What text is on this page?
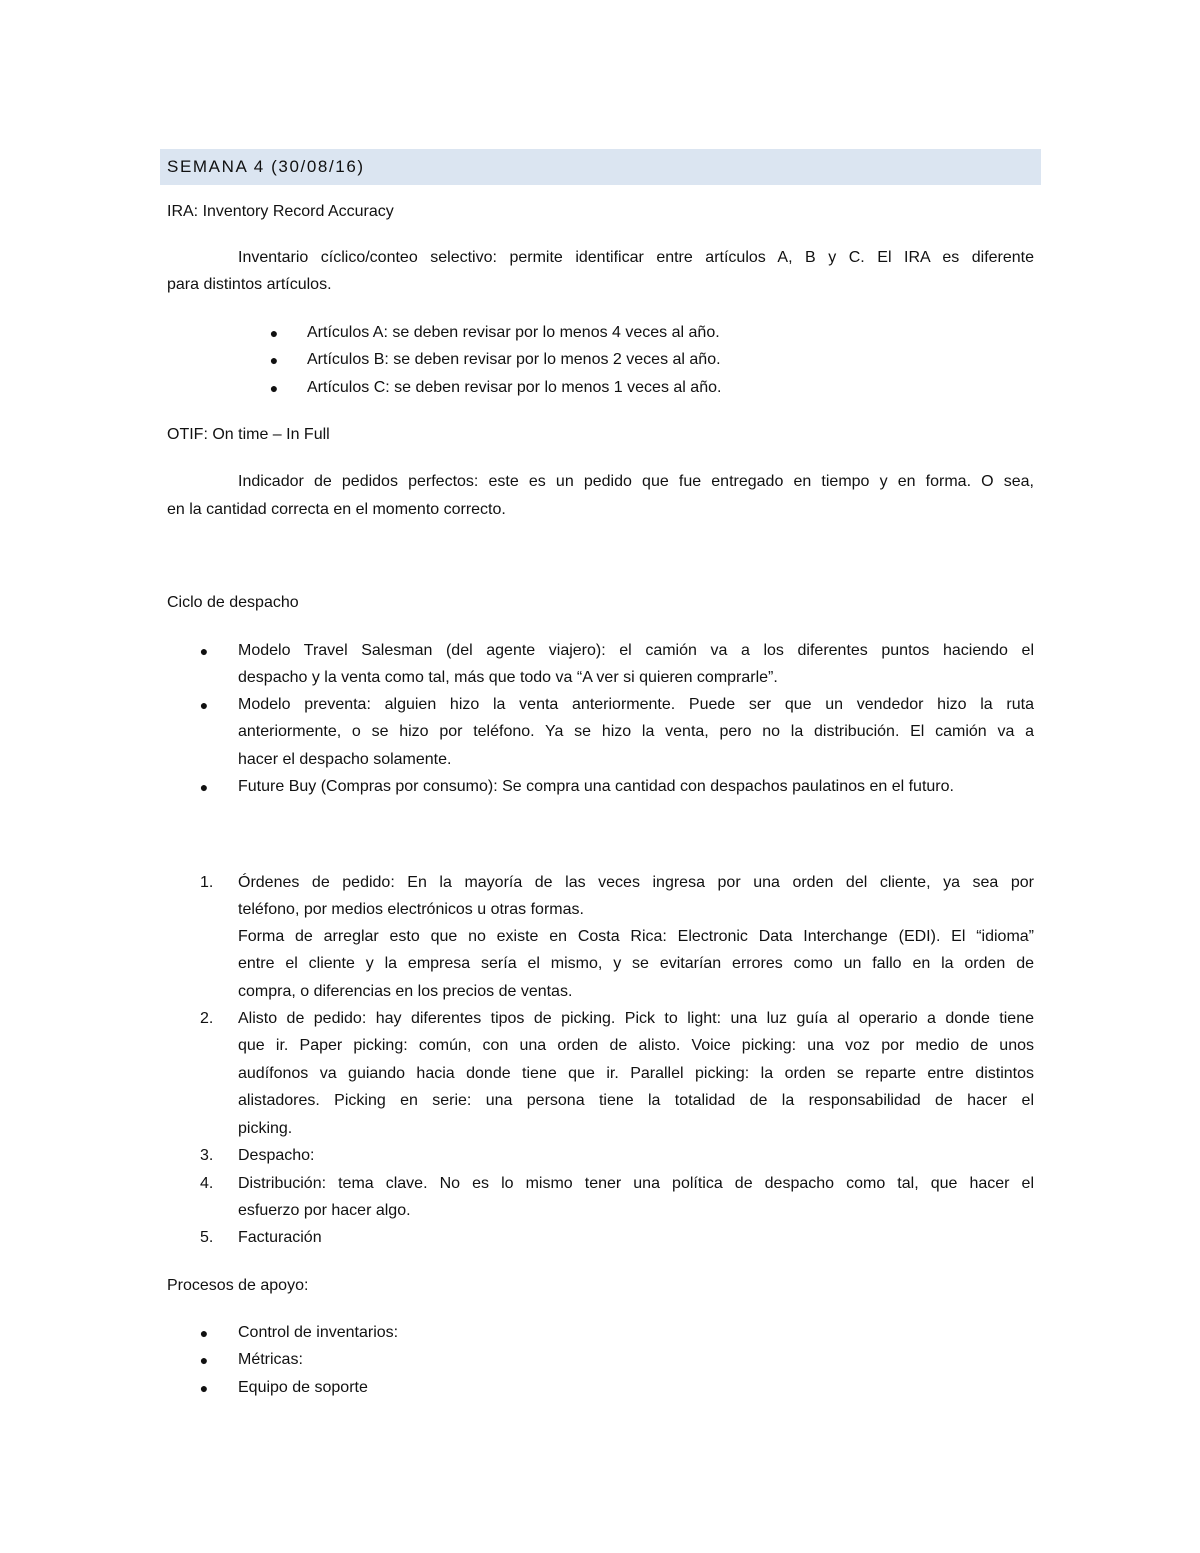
SEMANA 4 (30/08/16)
IRA: Inventory Record Accuracy
Inventario cíclico/conteo selectivo: permite identificar entre artículos A, B y C. El IRA es diferente
para distintos artículos.
● Artículos A: se deben revisar por lo menos 4 veces al año.
● Artículos B: se deben revisar por lo menos 2 veces al año.
● Artículos C: se deben revisar por lo menos 1 veces al año.
OTIF: On time – In Full
Indicador de pedidos perfectos: este es un pedido que fue entregado en tiempo y en forma. O sea,
en la cantidad correcta en el momento correcto.
Ciclo de despacho
● Modelo Travel Salesman (del agente viajero): el camión va a los diferentes puntos haciendo el
despacho y la venta como tal, más que todo va “A ver si quieren comprarle”.
● Modelo preventa: alguien hizo la venta anteriormente. Puede ser que un vendedor hizo la ruta
anteriormente, o se hizo por teléfono. Ya se hizo la venta, pero no la distribución. El camión va a
hacer el despacho solamente.
● Future Buy (Compras por consumo): Se compra una cantidad con despachos paulatinos en el futuro.
1. Órdenes de pedido: En la mayoría de las veces ingresa por una orden del cliente, ya sea por
teléfono, por medios electrónicos u otras formas.
Forma de arreglar esto que no existe en Costa Rica: Electronic Data Interchange (EDI). El “idioma”
entre el cliente y la empresa sería el mismo, y se evitarían errores como un fallo en la orden de
compra, o diferencias en los precios de ventas.
2. Alisto de pedido: hay diferentes tipos de picking. Pick to light: una luz guía al operario a donde tiene
que ir. Paper picking: común, con una orden de alisto. Voice picking: una voz por medio de unos
audífonos va guiando hacia donde tiene que ir. Parallel picking: la orden se reparte entre distintos
alistadores. Picking en serie: una persona tiene la totalidad de la responsabilidad de hacer el
picking.
3. Despacho:
4. Distribución: tema clave. No es lo mismo tener una política de despacho como tal, que hacer el
esfuerzo por hacer algo.
5. Facturación
Procesos de apoyo:
● Control de inventarios:
● Métricas:
● Equipo de soporte
